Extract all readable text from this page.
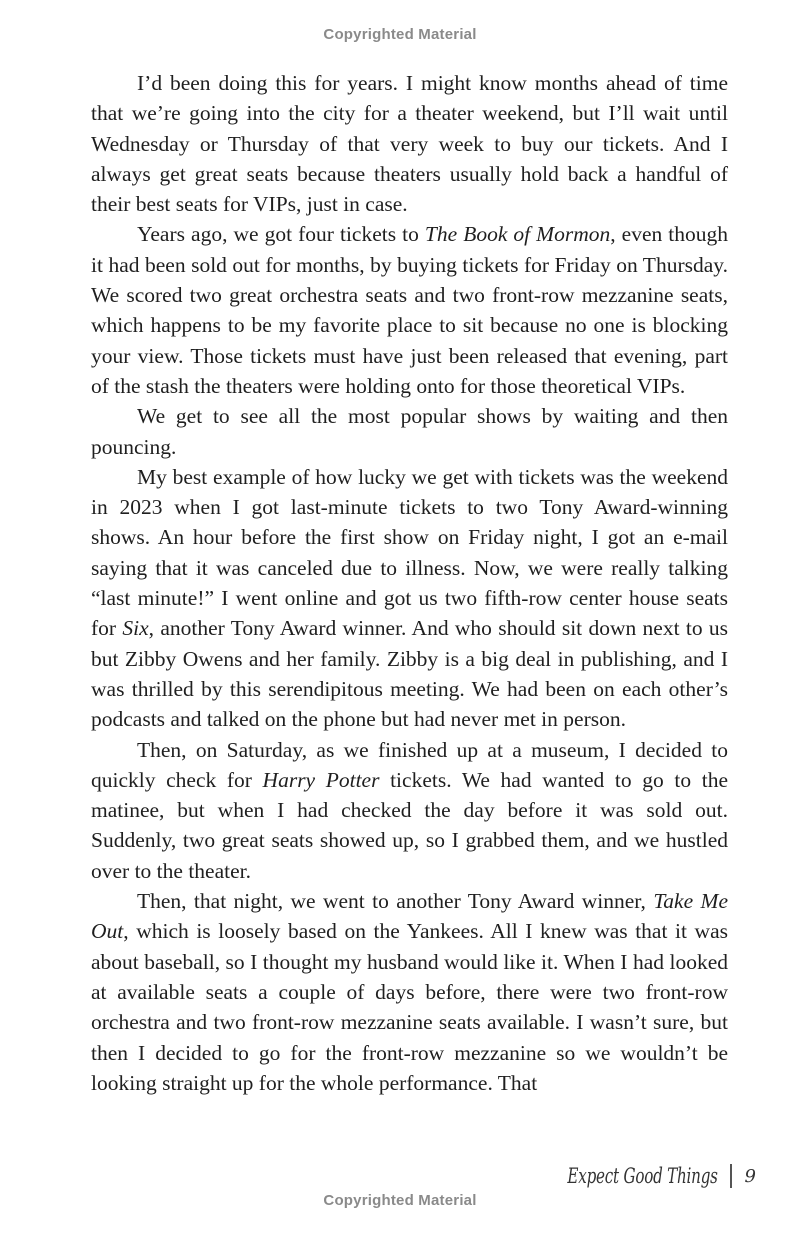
Copyrighted Material

I’d been doing this for years. I might know months ahead of time that we’re going into the city for a theater weekend, but I’ll wait until Wednesday or Thursday of that very week to buy our tickets. And I always get great seats because theaters usually hold back a handful of their best seats for VIPs, just in case.

Years ago, we got four tickets to The Book of Mormon, even though it had been sold out for months, by buying tickets for Friday on Thursday. We scored two great orchestra seats and two front-row mezzanine seats, which happens to be my favorite place to sit because no one is blocking your view. Those tickets must have just been released that evening, part of the stash the theaters were holding onto for those theoretical VIPs.

We get to see all the most popular shows by waiting and then pouncing.

My best example of how lucky we get with tickets was the weekend in 2023 when I got last-minute tickets to two Tony Award-winning shows. An hour before the first show on Friday night, I got an e-mail saying that it was canceled due to illness. Now, we were really talking “last minute!” I went online and got us two fifth-row center house seats for Six, another Tony Award winner. And who should sit down next to us but Zibby Owens and her family. Zibby is a big deal in publishing, and I was thrilled by this serendipitous meeting. We had been on each other’s podcasts and talked on the phone but had never met in person.

Then, on Saturday, as we finished up at a museum, I decided to quickly check for Harry Potter tickets. We had wanted to go to the matinee, but when I had checked the day before it was sold out. Suddenly, two great seats showed up, so I grabbed them, and we hustled over to the theater.

Then, that night, we went to another Tony Award winner, Take Me Out, which is loosely based on the Yankees. All I knew was that it was about baseball, so I thought my husband would like it. When I had looked at available seats a couple of days before, there were two front-row orchestra and two front-row mezzanine seats available. I wasn’t sure, but then I decided to go for the front-row mezzanine so we wouldn’t be looking straight up for the whole performance. That

Expect Good Things 9
Copyrighted Material
